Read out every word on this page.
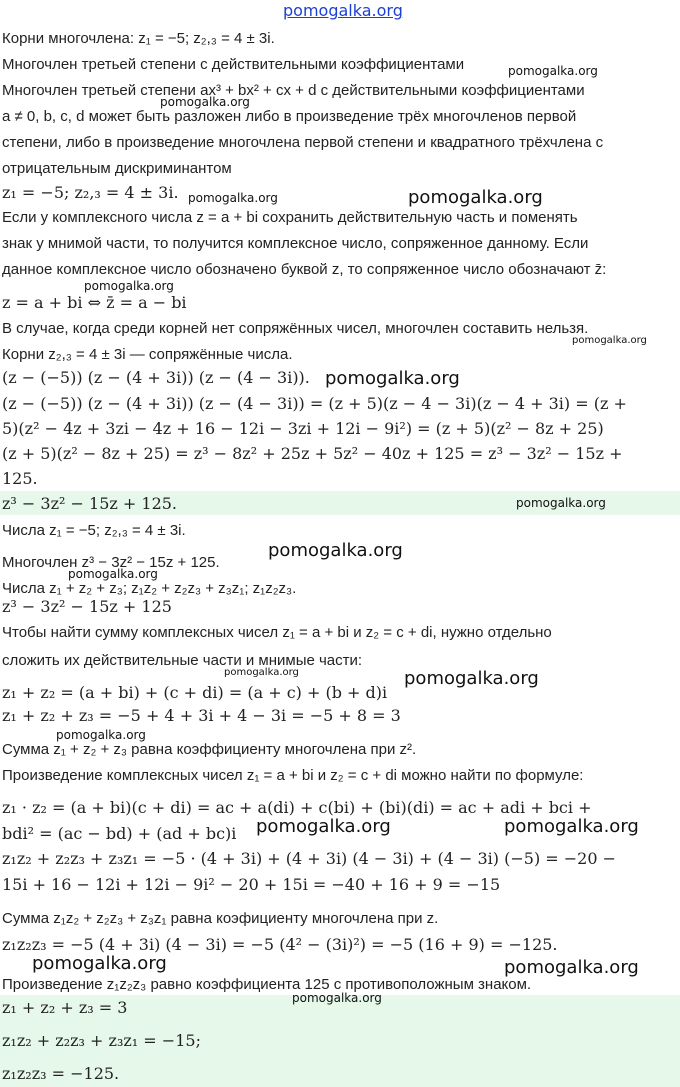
Корни многочлена: z₁ = −5; z₂,₃ = 4 ± 3i.
Многочлен третьей степени с действительными коэффициентами
Многочлен третьей степени ax³ + bx² + cx + d с действительными коэффициентами
a ≠ 0, b, c, d может быть разложен либо в произведение трёх многочленов первой
степени, либо в произведение многочлена первой степени и квадратного трёхчлена с
отрицательным дискриминантом
z₁ = −5; z₂,₃ = 4 ± 3i.
Если у комплексного числа z = a + bi сохранить действительную часть и поменять
знак у мнимой части, то получится комплексное число, сопряженное данному. Если
данное комплексное число обозначено буквой z, то сопряженное число обозначают z̄:
z = a + bi ⇔ z̄ = a − bi
В случае, когда среди корней нет сопряжённых чисел, многочлен составить нельзя.
Корни z₂,₃ = 4 ± 3i — сопряжённые числа.
(z − (−5)) (z − (4 + 3i)) (z − (4 − 3i)).
(z − (−5)) (z − (4 + 3i)) (z − (4 − 3i)) = (z + 5)(z − 4 − 3i)(z − 4 + 3i) = (z +
5)(z² − 4z + 3zi − 4z + 16 − 12i − 3zi + 12i − 9i²) = (z + 5)(z² − 8z + 25)
(z + 5)(z² − 8z + 25) = z³ − 8z² + 25z + 5z² − 40z + 125 = z³ − 3z² − 15z +
125.
z³ − 3z² − 15z + 125.
Числа z₁ = −5; z₂,₃ = 4 ± 3i.
Многочлен z³ − 3z² − 15z + 125.
Числа z₁ + z₂ + z₃; z₁z₂ + z₂z₃ + z₃z₁; z₁z₂z₃.
z³ − 3z² − 15z + 125
Чтобы найти сумму комплексных чисел z₁ = a + bi и z₂ = c + di, нужно отдельно
сложить их действительные части и мнимые части:
z₁ + z₂ = (a + bi) + (c + di) = (a + c) + (b + d)i
z₁ + z₂ + z₃ = −5 + 4 + 3i + 4 − 3i = −5 + 8 = 3
Сумма z₁ + z₂ + z₃ равна коэффициенту многочлена при z².
Произведение комплексных чисел z₁ = a + bi и z₂ = c + di можно найти по формуле:
z₁ · z₂ = (a + bi)(c + di) = ac + a(di) + c(bi) + (bi)(di) = ac + adi + bci +
bdi² = (ac − bd) + (ad + bc)i
z₁z₂ + z₂z₃ + z₃z₁ = −5 · (4 + 3i) + (4 + 3i) (4 − 3i) + (4 − 3i) (−5) = −20 −
15i + 16 − 12i + 12i − 9i² − 20 + 15i = −40 + 16 + 9 = −15
Сумма z₁z₂ + z₂z₃ + z₃z₁ равна коэфициенту многочлена при z.
z₁z₂z₃ = −5 (4 + 3i) (4 − 3i) = −5 (4² − (3i)²) = −5 (16 + 9) = −125.
Произведение z₁z₂z₃ равно коэффициента 125 с противоположным знаком.
z₁ + z₂ + z₃ = 3
z₁z₂ + z₂z₃ + z₃z₁ = −15;
z₁z₂z₃ = −125.
pomogalka.org
pomogalka.org
pomogalka.org
pomogalka.org	pomogalka.org
pomogalka.org
pomogalka.org
pomogalka.org
pomogalka.org
pomogalka.org
pomogalka.org
pomogalka.org	pomogalka.org
pomogalka.org
pomogalka.org	pomogalka.org
pomogalka.org	pomogalka.org
pomogalka.org
